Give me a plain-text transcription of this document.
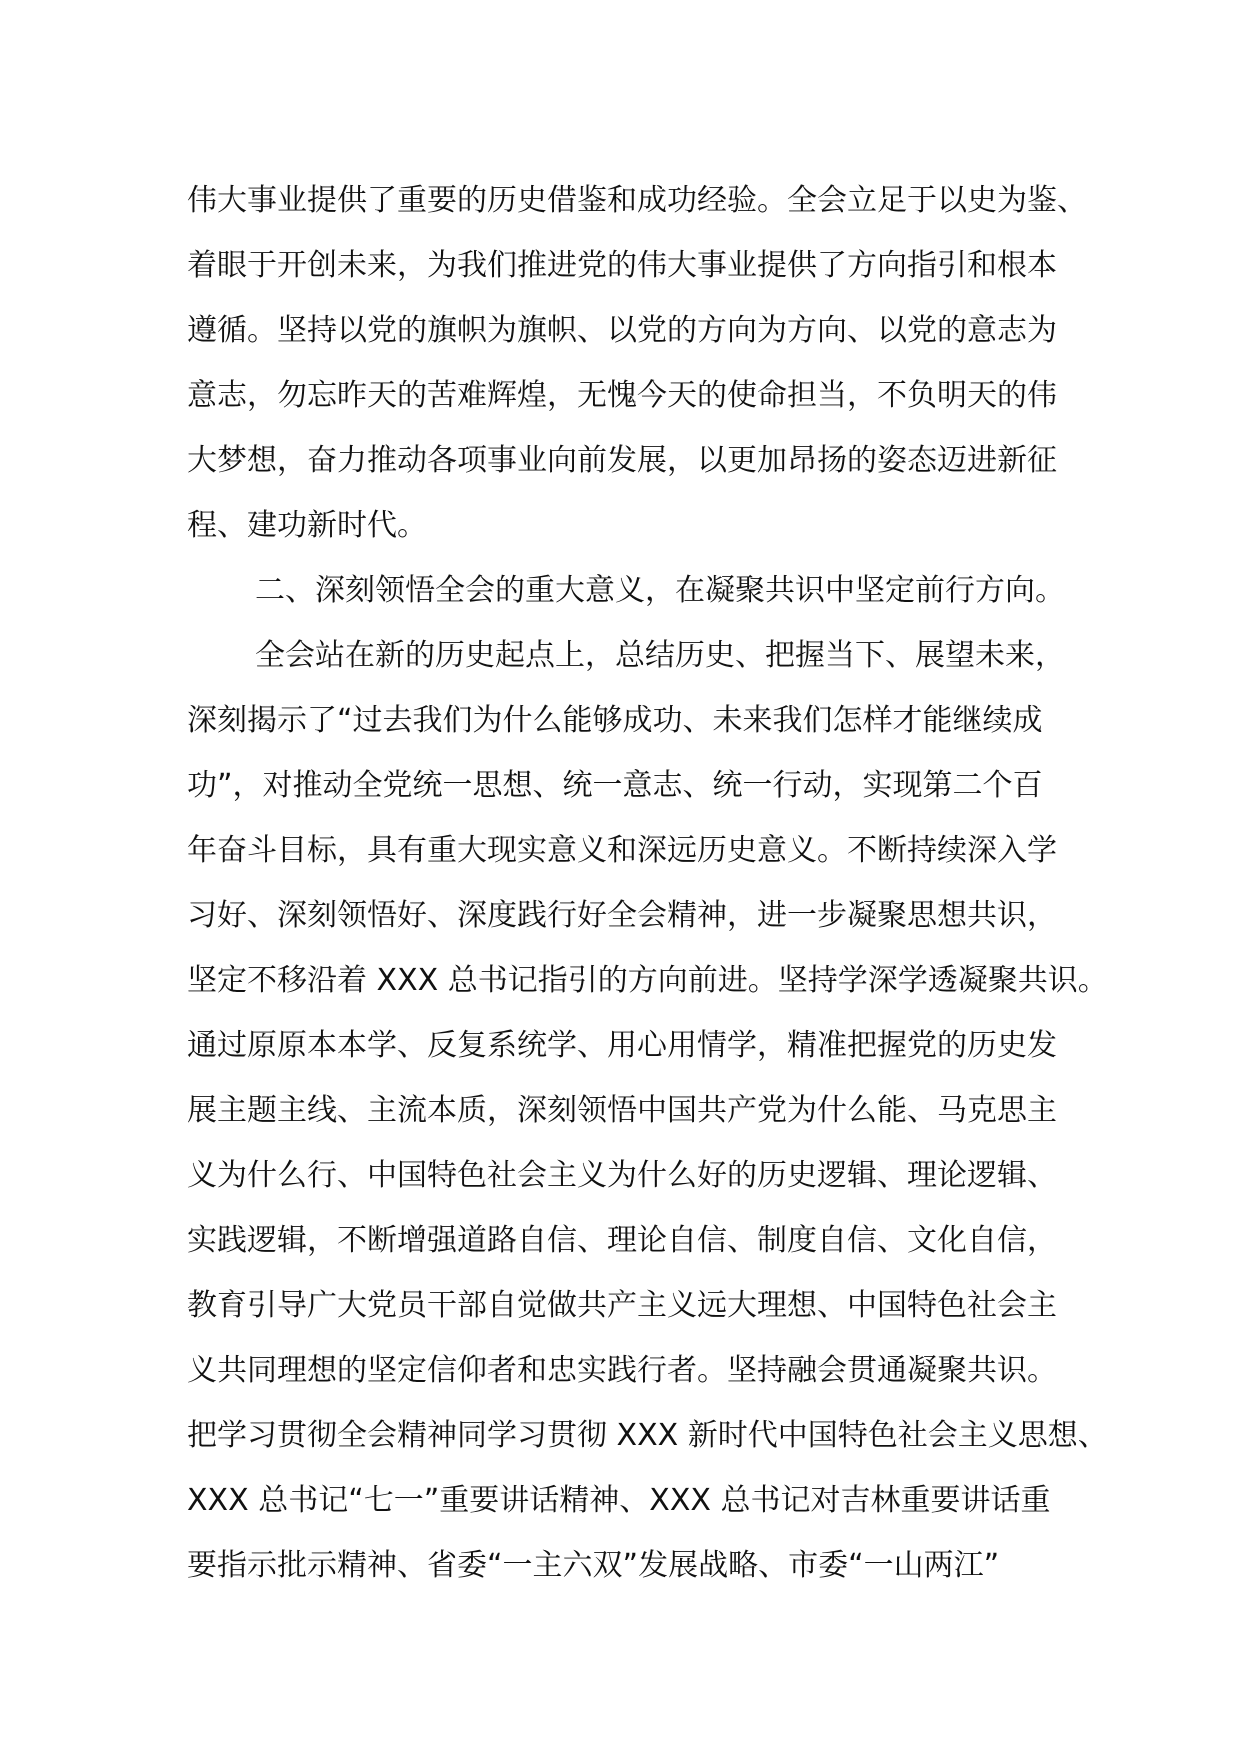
伟大事业提供了重要的历史借鉴和成功经验。全会立足于以史为鉴、
着眼于开创未来，为我们推进党的伟大事业提供了方向指引和根本
遵循。坚持以党的旗帜为旗帜、以党的方向为方向、以党的意志为
意志，勿忘昨天的苦难辉煌，无愧今天的使命担当，不负明天的伟
大梦想，奋力推动各项事业向前发展，以更加昂扬的姿态迈进新征
程、建功新时代。
二、深刻领悟全会的重大意义，在凝聚共识中坚定前行方向。
全会站在新的历史起点上，总结历史、把握当下、展望未来，
深刻揭示了“过去我们为什么能够成功、未来我们怎样才能继续成
功”，对推动全党统一思想、统一意志、统一行动，实现第二个百
年奋斗目标，具有重大现实意义和深远历史意义。不断持续深入学
习好、深刻领悟好、深度践行好全会精神，进一步凝聚思想共识，
坚定不移沿着 XXX 总书记指引的方向前进。坚持学深学透凝聚共识。
通过原原本本学、反复系统学、用心用情学，精准把握党的历史发
展主题主线、主流本质，深刻领悟中国共产党为什么能、马克思主
义为什么行、中国特色社会主义为什么好的历史逻辑、理论逻辑、
实践逻辑，不断增强道路自信、理论自信、制度自信、文化自信，
教育引导广大党员干部自觉做共产主义远大理想、中国特色社会主
义共同理想的坚定信仰者和忠实践行者。坚持融会贯通凝聚共识。
把学习贯彻全会精神同学习贯彻 XXX 新时代中国特色社会主义思想、
XXX 总书记“七一”重要讲话精神、XXX 总书记对吉林重要讲话重
要指示批示精神、省委“一主六双”发展战略、市委“一山两江”
